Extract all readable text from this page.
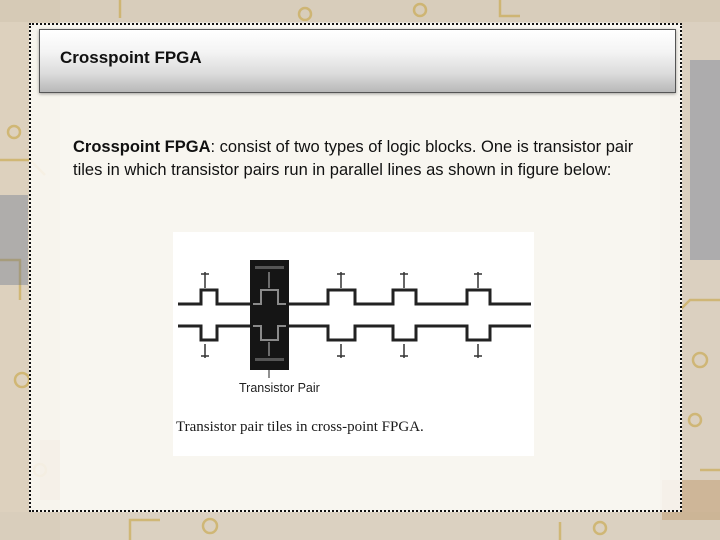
Crosspoint FPGA
Crosspoint FPGA: consist of two types of logic blocks. One is transistor pair tiles in which transistor pairs run in parallel lines as shown in figure below:
Transistor Pair
Transistor pair tiles in cross-point FPGA.
